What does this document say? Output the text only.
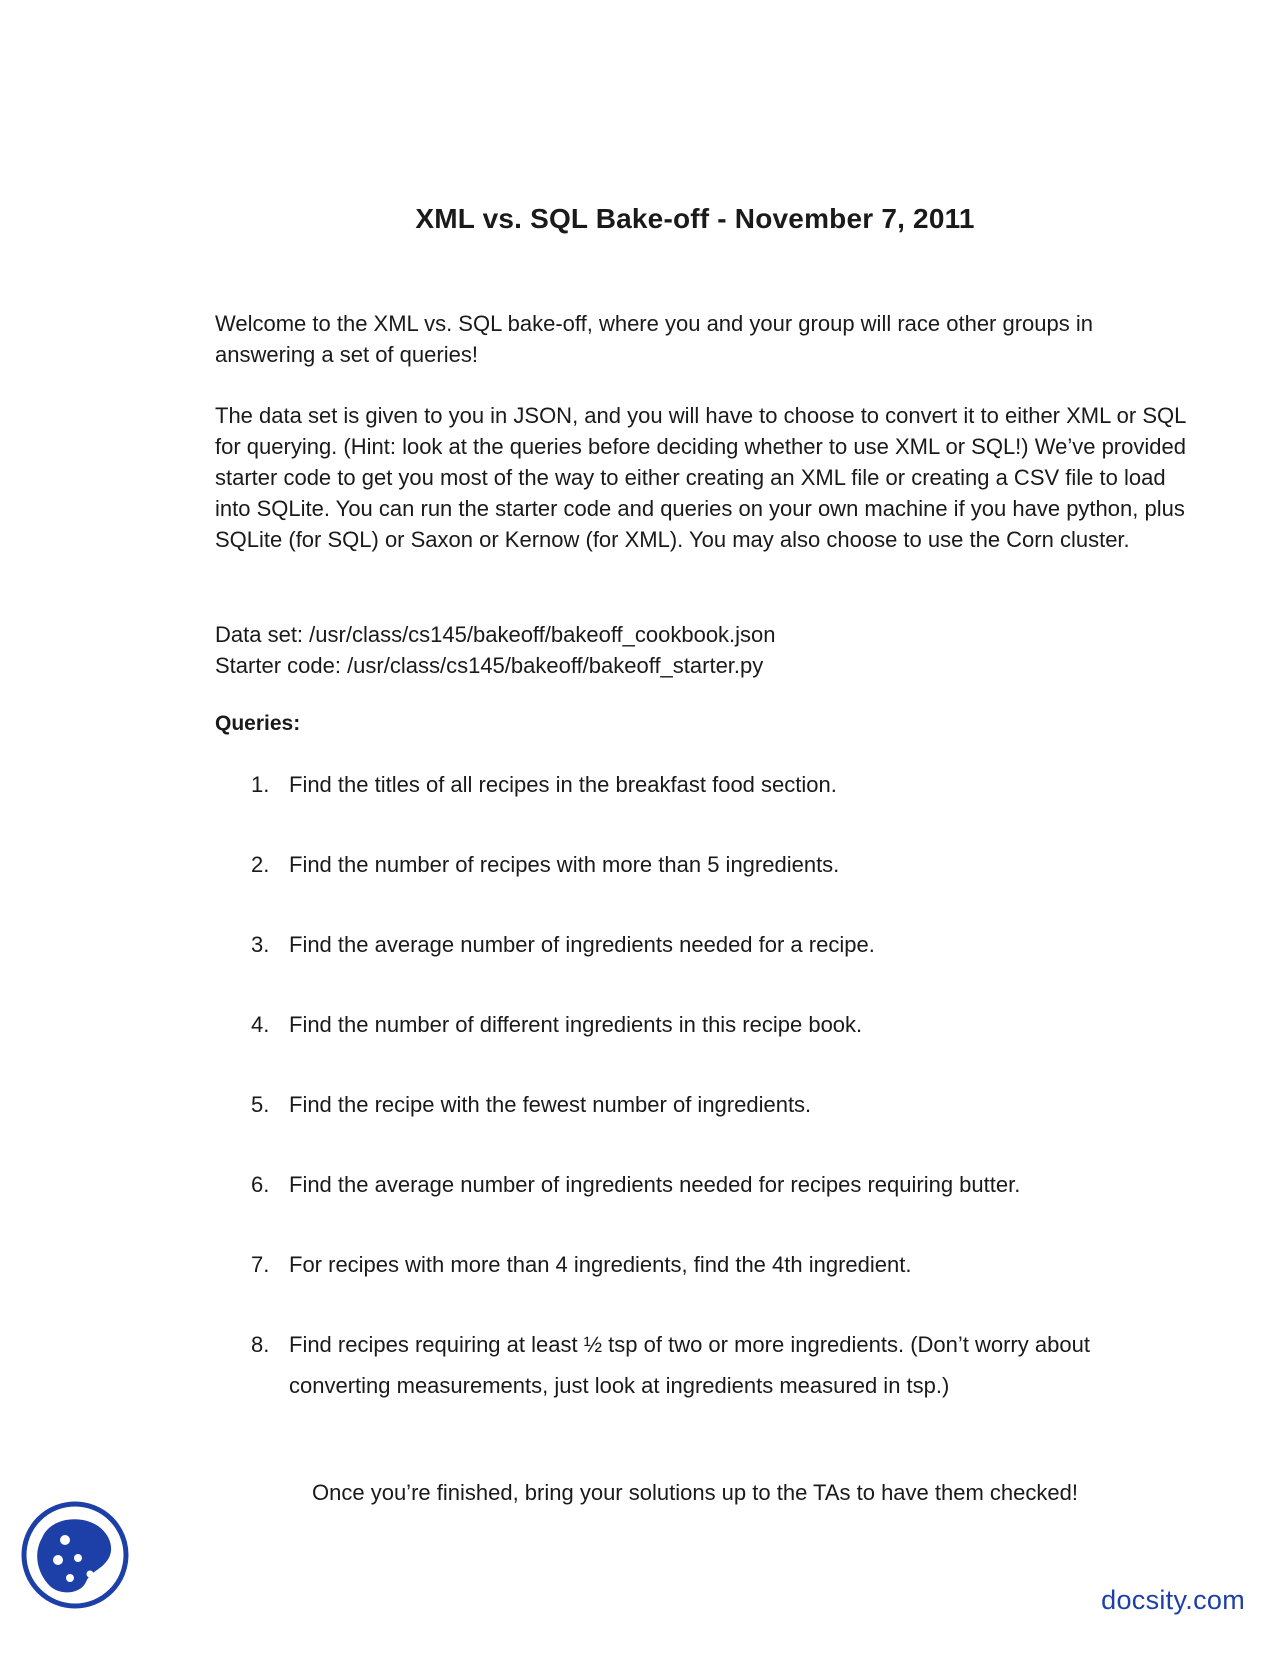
XML vs. SQL Bake-off - November 7, 2011
Welcome to the XML vs. SQL bake-off, where you and your group will race other groups in answering a set of queries!
The data set is given to you in JSON, and you will have to choose to convert it to either XML or SQL for querying. (Hint: look at the queries before deciding whether to use XML or SQL!) We’ve provided starter code to get you most of the way to either creating an XML file or creating a CSV file to load into SQLite. You can run the starter code and queries on your own machine if you have python, plus SQLite (for SQL) or Saxon or Kernow (for XML). You may also choose to use the Corn cluster.
Data set: /usr/class/cs145/bakeoff/bakeoff_cookbook.json
Starter code: /usr/class/cs145/bakeoff/bakeoff_starter.py
Queries:
1. Find the titles of all recipes in the breakfast food section.
2. Find the number of recipes with more than 5 ingredients.
3. Find the average number of ingredients needed for a recipe.
4. Find the number of different ingredients in this recipe book.
5. Find the recipe with the fewest number of ingredients.
6. Find the average number of ingredients needed for recipes requiring butter.
7. For recipes with more than 4 ingredients, find the 4th ingredient.
8. Find recipes requiring at least ½ tsp of two or more ingredients. (Don’t worry about converting measurements, just look at ingredients measured in tsp.)
Once you’re finished, bring your solutions up to the TAs to have them checked!
docsity.com
